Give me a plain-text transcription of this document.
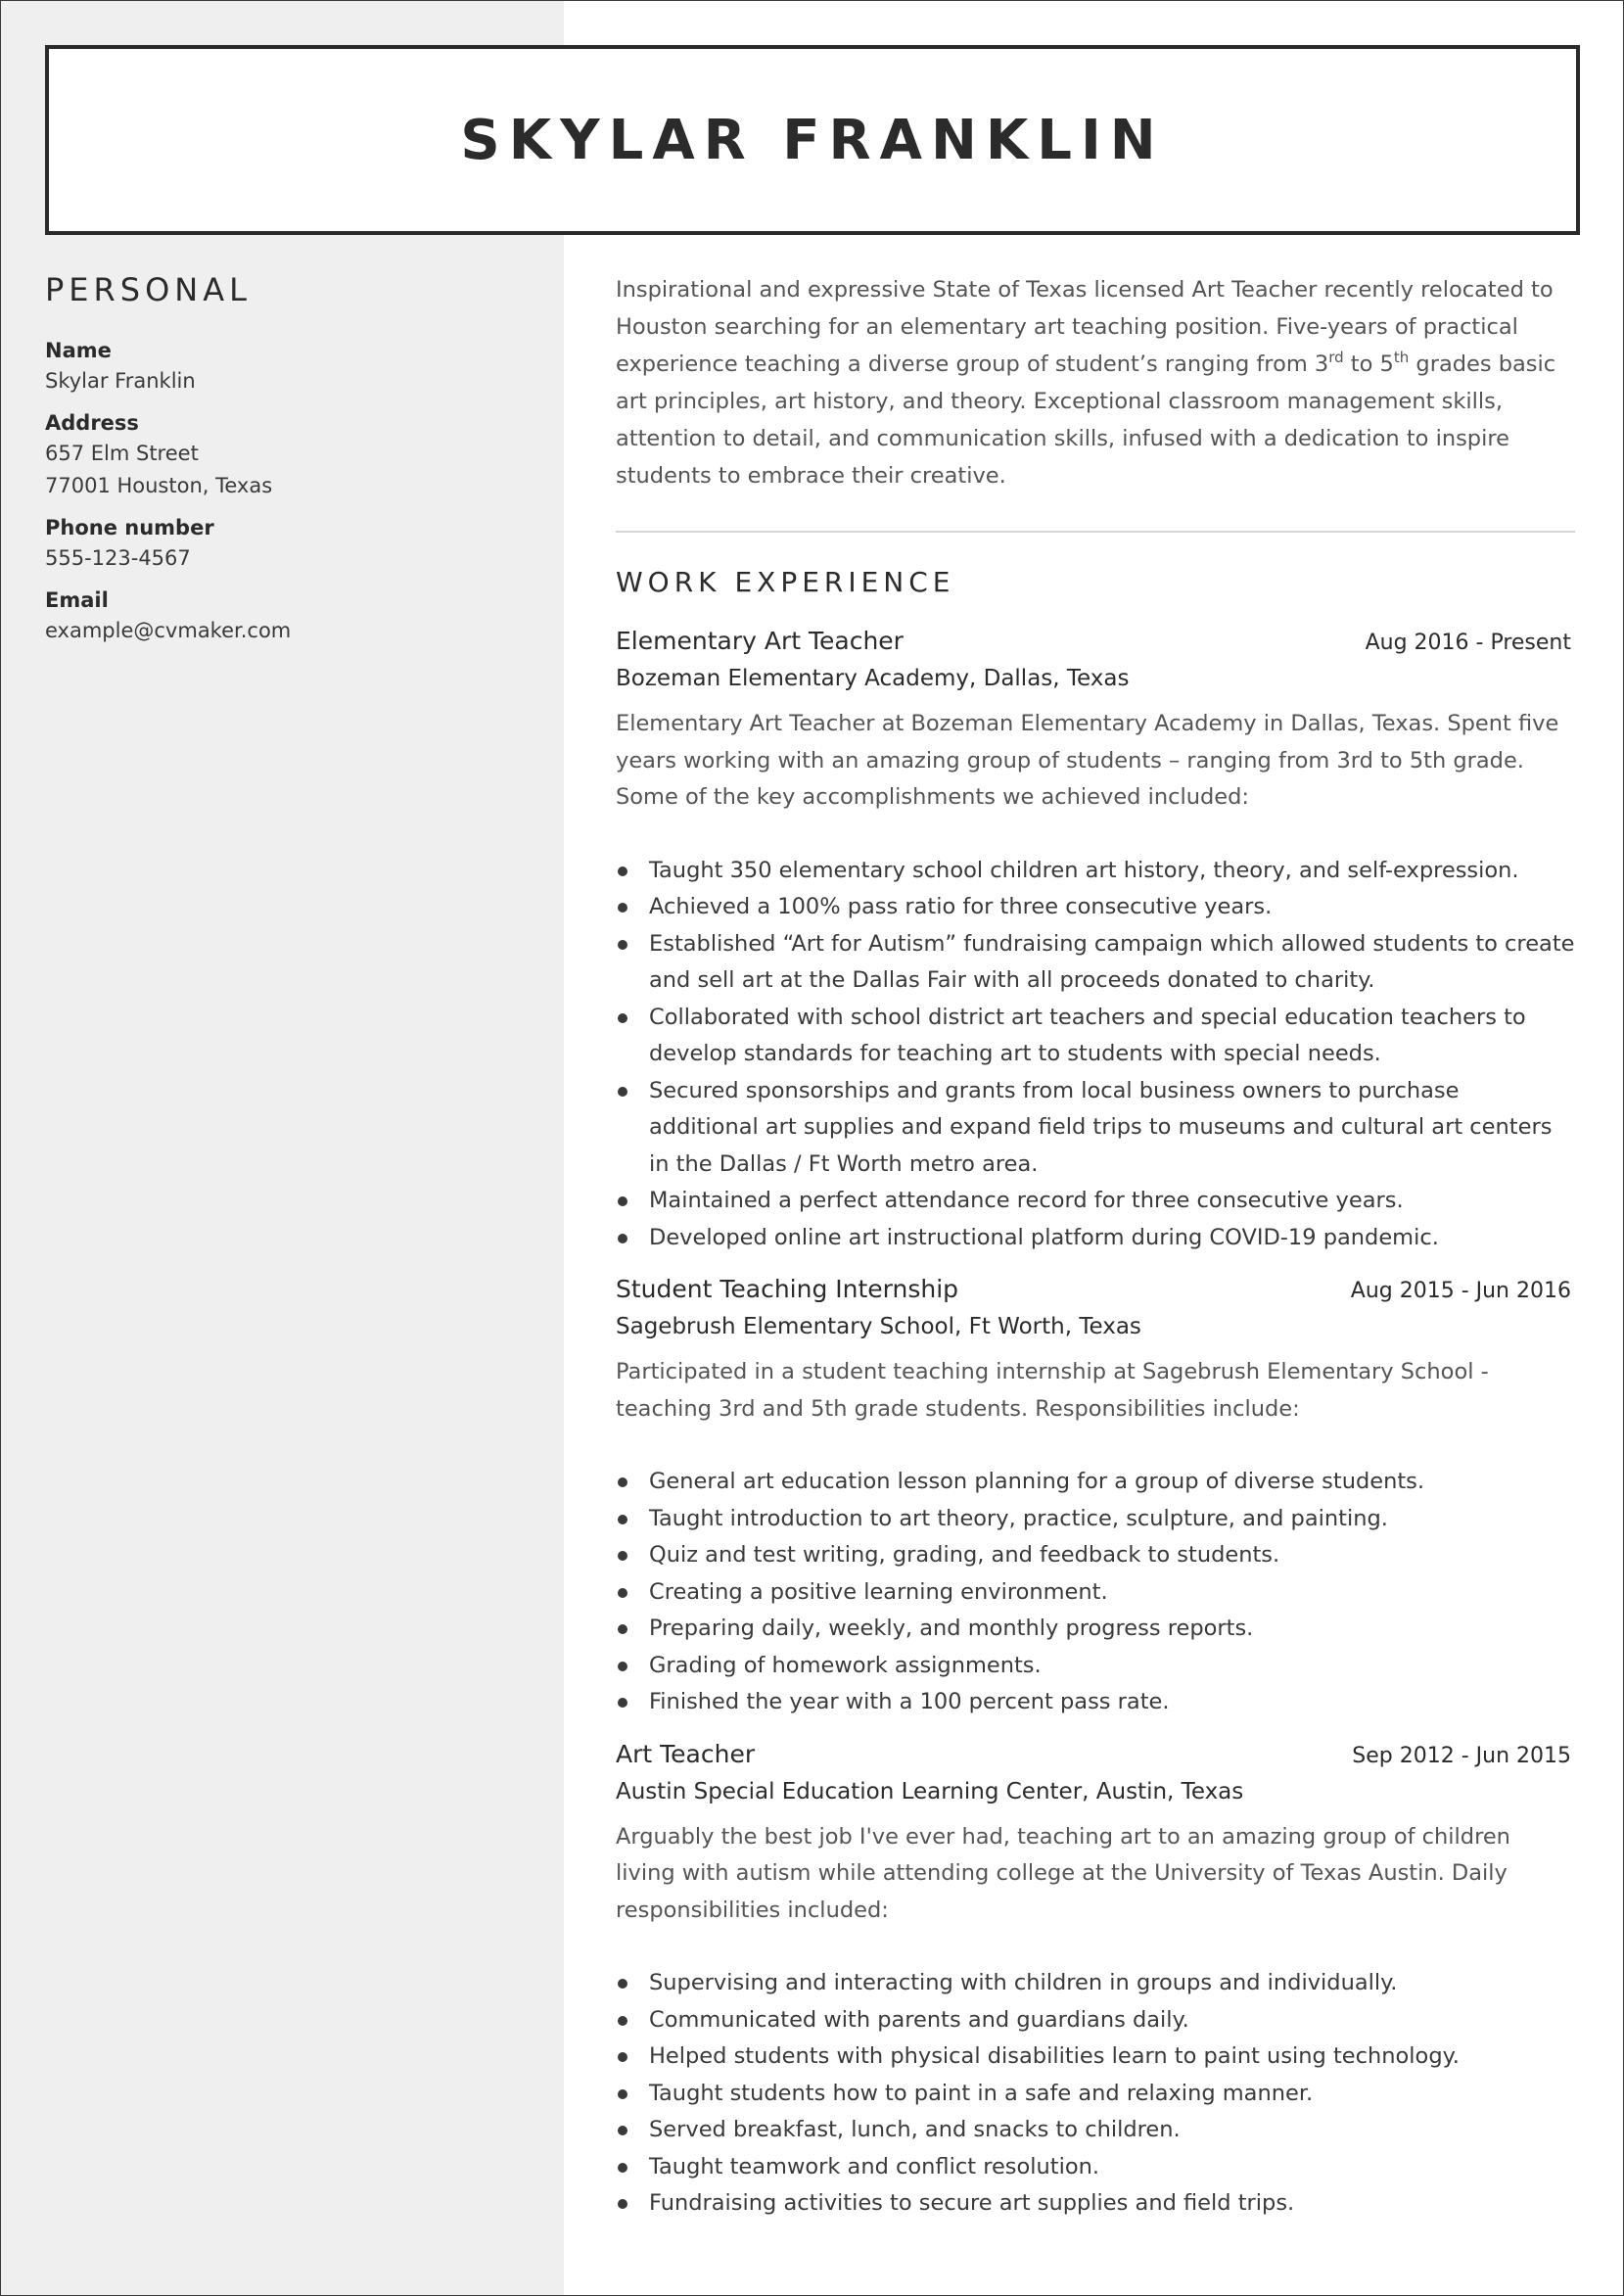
SKYLAR FRANKLIN
PERSONAL
Name
Skylar Franklin
Address
657 Elm Street
77001 Houston, Texas
Phone number
555-123-4567
Email
example@cvmaker.com

Inspirational and expressive State of Texas licensed Art Teacher recently relocated to Houston searching for an elementary art teaching position. Five-years of practical experience teaching a diverse group of student’s ranging from 3rd to 5th grades basic art principles, art history, and theory. Exceptional classroom management skills, attention to detail, and communication skills, infused with a dedication to inspire students to embrace their creative.

WORK EXPERIENCE
Elementary Art Teacher	Aug 2016 - Present
Bozeman Elementary Academy, Dallas, Texas

Elementary Art Teacher at Bozeman Elementary Academy in Dallas, Texas. Spent five years working with an amazing group of students – ranging from 3rd to 5th grade. Some of the key accomplishments we achieved included:

Taught 350 elementary school children art history, theory, and self-expression.
Achieved a 100% pass ratio for three consecutive years.
Established “Art for Autism” fundraising campaign which allowed students to create and sell art at the Dallas Fair with all proceeds donated to charity.
Collaborated with school district art teachers and special education teachers to develop standards for teaching art to students with special needs.
Secured sponsorships and grants from local business owners to purchase additional art supplies and expand field trips to museums and cultural art centers in the Dallas / Ft Worth metro area.
Maintained a perfect attendance record for three consecutive years.
Developed online art instructional platform during COVID-19 pandemic.
Student Teaching Internship	Aug 2015 - Jun 2016
Sagebrush Elementary School, Ft Worth, Texas

Participated in a student teaching internship at Sagebrush Elementary School - teaching 3rd and 5th grade students. Responsibilities include:

General art education lesson planning for a group of diverse students.
Taught introduction to art theory, practice, sculpture, and painting.
Quiz and test writing, grading, and feedback to students.
Creating a positive learning environment.
Preparing daily, weekly, and monthly progress reports.
Grading of homework assignments.
Finished the year with a 100 percent pass rate.
Art Teacher	Sep 2012 - Jun 2015
Austin Special Education Learning Center, Austin, Texas

Arguably the best job I've ever had, teaching art to an amazing group of children living with autism while attending college at the University of Texas Austin. Daily responsibilities included:

Supervising and interacting with children in groups and individually.
Communicated with parents and guardians daily.
Helped students with physical disabilities learn to paint using technology.
Taught students how to paint in a safe and relaxing manner.
Served breakfast, lunch, and snacks to children.
Taught teamwork and conflict resolution.
Fundraising activities to secure art supplies and field trips.
